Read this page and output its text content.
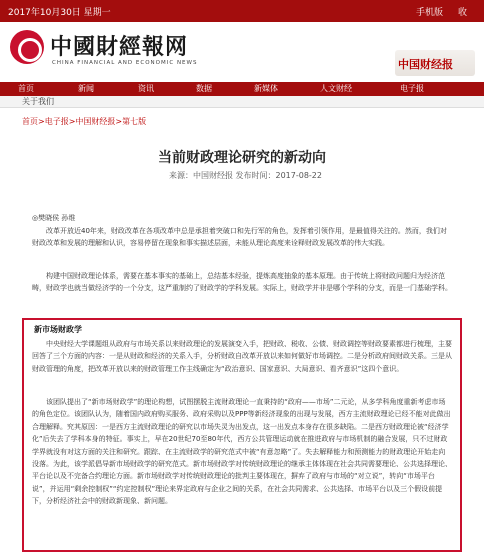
2017年10月30日 星期一	手机版 收
中國財經報网
CHINA FINANCIAL AND ECONOMIC NEWS	中国财经报
首页	新闻	资讯	数据	新媒体	人文财经	电子报
关于我们
首页>电子报>中国财经报>第七版
当前财政理论研究的新动向
来源：中国财经报 发布时间：2017-08-22
◎樊晓侯 孙维

改革开放近40年来，财政改革在各项改革中总是承担着突破口和先行军的角色，发挥着引领作用，是最值得关注的。然而，我们对财政改革和发展的理解和认识，容易停留在现象和事实描述层面，未能从理论高度来诠释财政发展改革的伟大实践。

构建中国财政理论体系，需要在基本事实的基础上，总结基本经验，提炼高度抽象的基本原理。由于传统上将财政问题归为经济范畴，财政学也就当做经济学的一个分支，这严重制约了财政学的学科发展。实际上，财政学并非是哪个学科的分支，而是一门基础学科。

新市场财政学

中央财经大学课题组从政府与市场关系以来财政理论的发展演变入手，把财政、税收、公债、财政调控等财政要素都进行梳理，主要回答了三个方面的内容：一是从财政和经济的关系入手，分析财政自改革开放以来如何做好市场调控。二是分析政府间财政关系。三是从财政管理的角度，把改革开放以来的财政管理工作主线确定为“政治意识、国家意识、大局意识、看齐意识”这四个意识。

该团队提出了“新市场财政学”的理论构想，试图摆脱主流财政理论一直秉持的“政府——市场”二元论，从多学科角度重新考虑市场的角色定位。该团队认为，随着国内政府购买服务、政府采购以及PPP等新经济现象的出现与发展，西方主流财政理论已经不能对此做出合理解释。究其原因：一是西方主流财政理论的研究以市场失灵为出发点，这一出发点本身存在很多缺陷。二是西方财政理论被“经济学化”后失去了学科本身的特征。事实上，早在20世纪70至80年代，西方公共管理运动就在推进政府与市场机制的融合发展，只不过财政学界就没有对这方面的关注和研究。跟踪、在主流财政学的研究范式中被“有意忽略”了。失去解释能力和预测能力的财政理论开始走向没落。为此，该学派倡导新市场财政学的研究范式。新市场财政学对传统财政理论的继承主体体现在社会共同需要理论、公共选择理论、平台论以及不完备合约理论方面。新市场财政学对传统财政理论的批判主要体现在，摒弃了政府与市场的“对立说”，转向“市场平台说”，并运用“剩余控制权”“约定控制权”理论来界定政府与企业之间的关系，在社会共同需求、公共选择、市场平台以及三个假设前提下，分析经济社会中的财政新现象、新问题。
